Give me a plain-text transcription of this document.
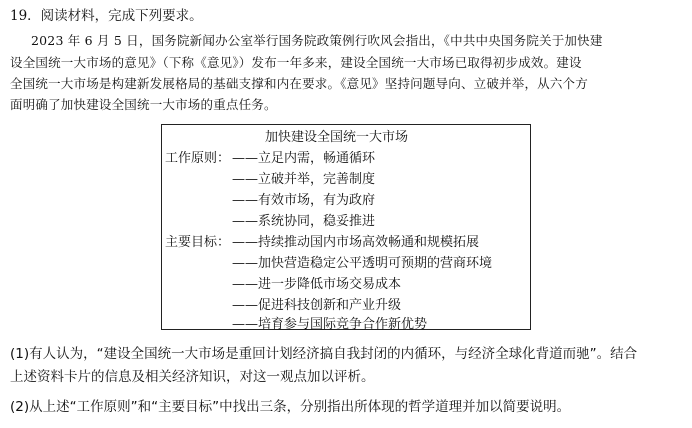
19．阅读材料，完成下列要求。
2023 年 6 月 5 日，国务院新闻办公室举行国务院政策例行吹风会指出，《中共中央国务院关于加快建
设全国统一大市场的意见》（下称《意见》）发布一年多来，建设全国统一大市场已取得初步成效。建设
全国统一大市场是构建新发展格局的基础支撑和内在要求。《意见》坚持问题导向、立破并举，从六个方
面明确了加快建设全国统一大市场的重点任务。
加快建设全国统一大市场
工作原则： ——立足内需，畅通循环
——立破并举，完善制度
——有效市场，有为政府
——系统协同，稳妥推进
主要目标： ——持续推动国内市场高效畅通和规模拓展
——加快营造稳定公平透明可预期的营商环境
——进一步降低市场交易成本
——促进科技创新和产业升级
——培育参与国际竞争合作新优势
(1)有人认为，“建设全国统一大市场是重回计划经济搞自我封闭的内循环，与经济全球化背道而驰”。结合
上述资料卡片的信息及相关经济知识，对这一观点加以评析。
(2)从上述“工作原则”和“主要目标”中找出三条，分别指出所体现的哲学道理并加以简要说明。
